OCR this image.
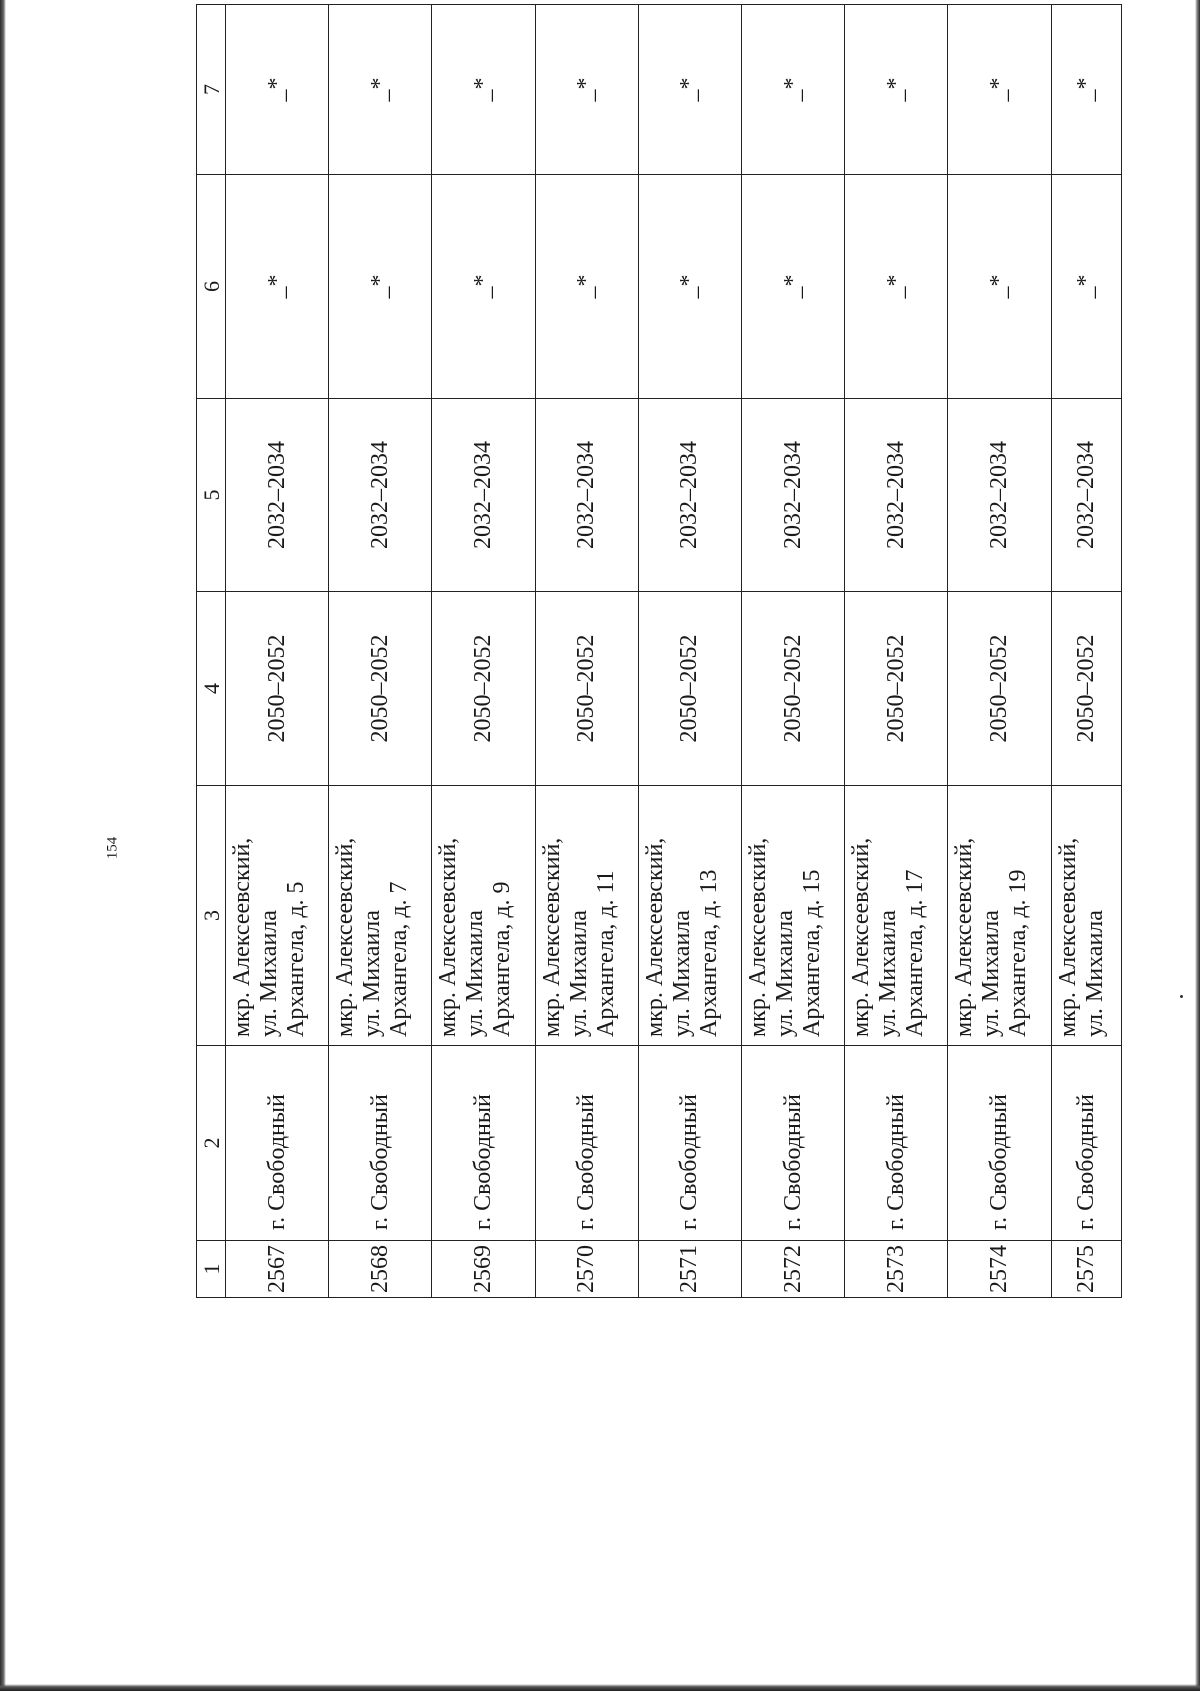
154
1	2	3	4	5	6	7
2567	г. Свободный	мкр. Алексеевский, ул. Михаила Архангела, д. 5	2050–2052	2032–2034	_*	_*
2568	г. Свободный	мкр. Алексеевский, ул. Михаила Архангела, д. 7	2050–2052	2032–2034	_*	_*
2569	г. Свободный	мкр. Алексеевский, ул. Михаила Архангела, д. 9	2050–2052	2032–2034	_*	_*
2570	г. Свободный	мкр. Алексеевский, ул. Михаила Архангела, д. 11	2050–2052	2032–2034	_*	_*
2571	г. Свободный	мкр. Алексеевский, ул. Михаила Архангела, д. 13	2050–2052	2032–2034	_*	_*
2572	г. Свободный	мкр. Алексеевский, ул. Михаила Архангела, д. 15	2050–2052	2032–2034	_*	_*
2573	г. Свободный	мкр. Алексеевский, ул. Михаила Архангела, д. 17	2050–2052	2032–2034	_*	_*
2574	г. Свободный	мкр. Алексеевский, ул. Михаила Архангела, д. 19	2050–2052	2032–2034	_*	_*
2575	г. Свободный	мкр. Алексеевский, ул. Михаила	2050–2052	2032–2034	_*	_*
